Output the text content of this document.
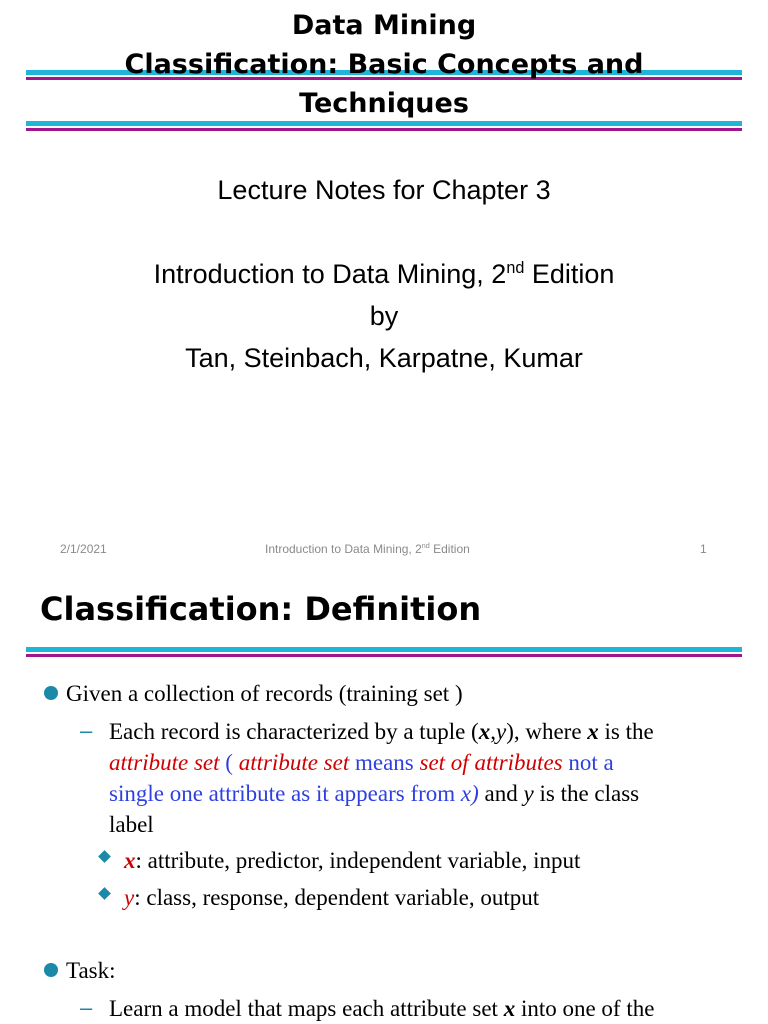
Data Mining
Classification: Basic Concepts and
Techniques
Lecture Notes for Chapter 3
Introduction to Data Mining, 2nd Edition
by
Tan, Steinbach, Karpatne, Kumar
2/1/2021	Introduction to Data Mining, 2nd Edition	1
Classification: Definition
Given a collection of records (training set )
– Each record is characterized by a tuple (x,y), where x is the
attribute set ( attribute set means set of attributes not a
single one attribute as it appears from x) and y is the class
label
x: attribute, predictor, independent variable, input
y: class, response, dependent variable, output
Task:
– Learn a model that maps each attribute set x into one of the
